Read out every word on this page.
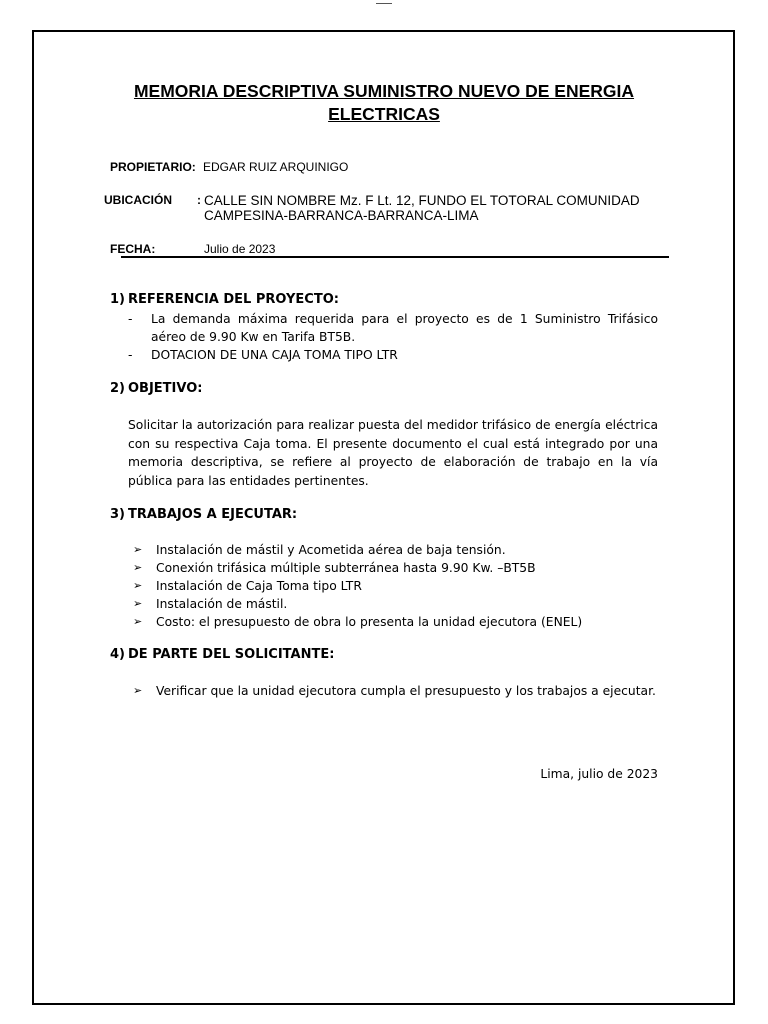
MEMORIA DESCRIPTIVA SUMINISTRO NUEVO DE ENERGIA ELECTRICAS
PROPIETARIO: EDGAR RUIZ ARQUINIGO
UBICACIÓN : CALLE SIN NOMBRE Mz. F Lt. 12, FUNDO EL TOTORAL COMUNIDAD
CAMPESINA-BARRANCA-BARRANCA-LIMA
FECHA:	Julio de 2023
1) REFERENCIA DEL PROYECTO:
-	La demanda máxima requerida para el proyecto es de 1 Suministro Trifásico aéreo de 9.90 Kw en Tarifa BT5B.
-	DOTACION DE UNA CAJA TOMA TIPO LTR
2) OBJETIVO:
Solicitar la autorización para realizar puesta del medidor trifásico de energía eléctrica con su respectiva Caja toma. El presente documento el cual está integrado por una memoria descriptiva, se refiere al proyecto de elaboración de trabajo en la vía pública para las entidades pertinentes.
3) TRABAJOS A EJECUTAR:
➢ Instalación de mástil y Acometida aérea de baja tensión.
➢ Conexión trifásica múltiple subterránea hasta 9.90 Kw. –BT5B
➢ Instalación de Caja Toma tipo LTR
➢ Instalación de mástil.
➢ Costo: el presupuesto de obra lo presenta la unidad ejecutora (ENEL)
4) DE PARTE DEL SOLICITANTE:
➢ Verificar que la unidad ejecutora cumpla el presupuesto y los trabajos a ejecutar.
Lima, julio de 2023
